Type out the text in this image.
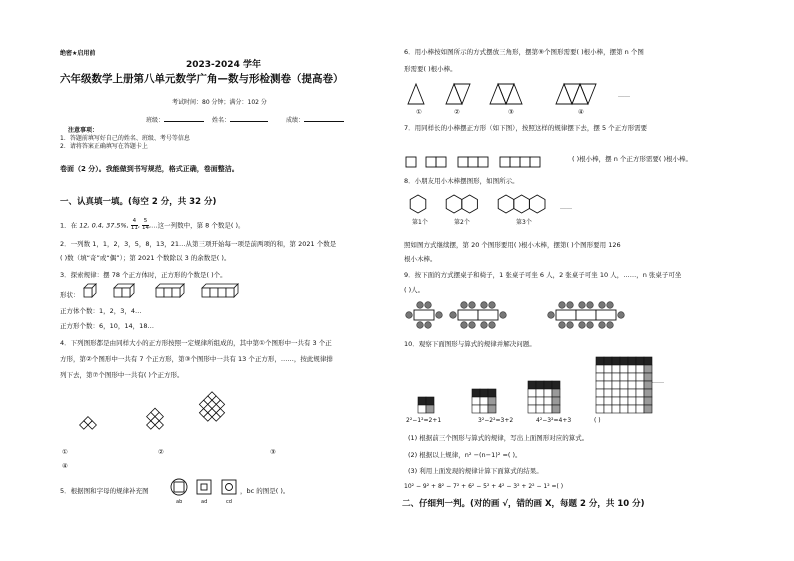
绝密★启用前
2023-2024 学年
六年级数学上册第八单元数学广角—数与形检测卷（提高卷）
考试时间：80 分钟；满分：102 分
班级：	姓名：	成绩：
注意事项：
1．答题前填写好自己的姓名、班级、考号等信息
2．请将答案正确填写在答题卡上
卷面（2 分）。我能做到书写规范，格式正确，卷面整洁。
一、认真填一填。(每空 2 分，共 32 分)
1．在 12, 0.4, 37.5%, $\frac{4}{11}$ , $\frac{5}{14}$ ,…这一列数中，第 8 个数是( )。
2．一列数 1，1，2，3，5，8，13，21…从第三项开始每一项是前两项的和，第 2021 个数是
( )数（填“奇”或“偶”）；第 2021 个数除以 3 的余数是( )。
3．探索规律：摆 78 个正方体时，正方形的个数是( )个。
形状：
正方体个数：1，2，3，4…
正方形个数：6，10，14，18…
4．下列图形都是由同样大小的正方形按照一定规律所组成的，其中第①个图形中一共有 3 个正
方形，第②个图形中一共有 7 个正方形，第③个图形中一共有 13 个正方形，……，按此规律排
列下去，第⑦个图形中一共有( )个正方形。
①	②	③
④
5．根据图和字母的规律补充图
ab	ad	cd
，bc 的图是( )。
6．用小棒按如图所示的方式摆放三角形，摆第⑨个图形需要( )根小棒，摆第 n 个图
形需要( )根小棒。
①	②	③	④
……
7．用同样长的小棒摆正方形（如下图），按照这样的规律摆下去，摆 5 个正方形需要
( )根小棒，摆 n 个正方形需要( )根小棒。
8．小朋友用小木棒摆图形，如图所示。
第1个	第2个	第3个
……
照如图方式继续摆，第 20 个图形要用( )根小木棒，摆第( )个图形要用 126
根小木棒。
9．按下面的方式摆桌子和椅子，1 张桌子可坐 6 人，2 张桌子可坐 10 人，……，n 张桌子可坐
( )人。
10．观察下面图形与算式的规律并解决问题。
……
2²−1²=2+1	3²−2²=3+2	4²−3²=4+3	( )
(1) 根据前三个图形与算式的规律，写出上面图形对应的算式。
(2) 根据以上规律，n² −(n−1)² =( )。
(3) 利用上面发现的规律计算下面算式的结果。
10² − 9² + 8² − 7² + 6² − 5² + 4² − 3² + 2² − 1² =( )
二、仔细判一判。(对的画 √，错的画 X，每题 2 分，共 10 分)
